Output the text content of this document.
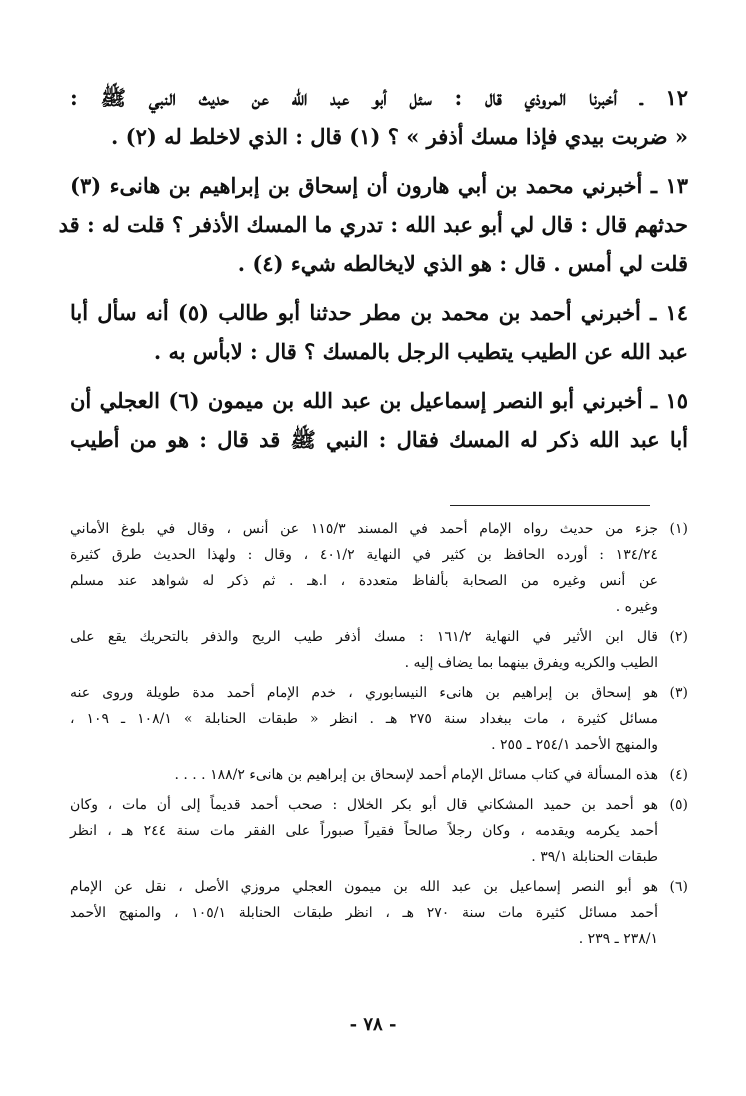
١٢ ـ أخبرنا المروذي قال : سئل أبو عبد الله عن حديث النبي ﷺ :
« ضربت بيدي فإذا مسك أذفر » ؟ (١) قال : الذي لاخلط له (٢) .

١٣ ـ أخبرني محمد بن أبي هارون أن إسحاق بن إبراهيم بن هانىء (٣)
حدثهم قال : قال لي أبو عبد الله : تدري ما المسك الأذفر ؟ قلت له : قد
قلت لي أمس . قال : هو الذي لايخالطه شيء (٤) .

١٤ ـ أخبرني أحمد بن محمد بن مطر حدثنا أبو طالب (٥) أنه سأل أبا
عبد الله عن الطيب يتطيب الرجل بالمسك ؟ قال : لابأس به .

١٥ ـ أخبرني أبو النصر إسماعيل بن عبد الله بن ميمون (٦) العجلي أن
أبا عبد الله ذكر له المسك فقال : النبي ﷺ قد قال : هو من أطيب

(١)
جزء من حديث رواه الإمام أحمد في المسند ١١٥/٣ عن أنس ، وقال في بلوغ الأماني
١٣٤/٢٤ : أورده الحافظ بن كثير في النهاية ٤٠١/٢ ، وقال : ولهذا الحديث طرق كثيرة
عن أنس وغيره من الصحابة بألفاظ متعددة ، ا.هـ . ثم ذكر له شواهد عند مسلم
وغيره .
(٢)
قال ابن الأثير في النهاية ١٦١/٢ : مسك أذفر طيب الريح والذفر بالتحريك يقع على
الطيب والكريه ويفرق بينهما بما يضاف إليه .
(٣)
هو إسحاق بن إبراهيم بن هانىء النيسابوري ، خدم الإمام أحمد مدة طويلة وروى عنه
مسائل كثيرة ، مات ببغداد سنة ٢٧٥ هـ . انظر « طبقات الحنابلة » ١٠٨/١ ـ ١٠٩ ،
والمنهج الأحمد ٢٥٤/١ ـ ٢٥٥ .
(٤)
هذه المسألة في كتاب مسائل الإمام أحمد لإسحاق بن إبراهيم بن هانىء ١٨٨/٢ . . . .
(٥)
هو أحمد بن حميد المشكاني قال أبو بكر الخلال : صحب أحمد قديماً إلى أن مات ، وكان
أحمد يكرمه ويقدمه ، وكان رجلاً صالحاً فقيراً صبوراً على الفقر مات سنة ٢٤٤ هـ ، انظر
طبقات الحنابلة ٣٩/١ .
(٦)
هو أبو النصر إسماعيل بن عبد الله بن ميمون العجلي مروزي الأصل ، نقل عن الإمام
أحمد مسائل كثيرة مات سنة ٢٧٠ هـ ، انظر طبقات الحنابلة ١٠٥/١ ، والمنهج الأحمد
٢٣٨/١ ـ ٢٣٩ .
- ٧٨ -
